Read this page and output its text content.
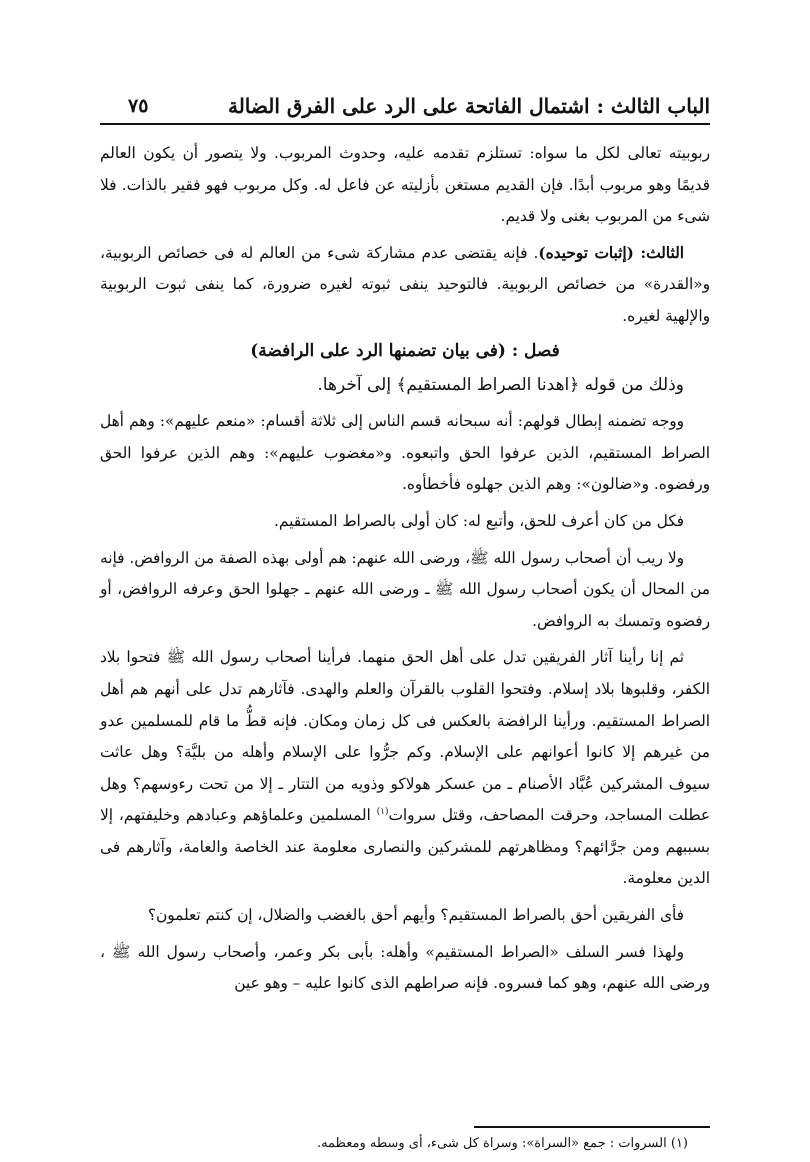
الباب الثالث : اشتمال الفاتحة على الرد على الفرق الضالة
٧٥

ربوبيته تعالى لكل ما سواه: تستلزم تقدمه عليه، وحدوث المربوب. ولا يتصور أن يكون العالم قديمًا وهو مربوب أبدًا. فإن القديم مستغن بأزليته عن فاعل له. وكل مربوب فهو فقير بالذات. فلا شىء من المربوب بغنى ولا قديم.

الثالث: (إثبات توحيده). فإنه يقتضى عدم مشاركة شىء من العالم له فى خصائص الربوبية، و«القدرة» من خصائص الربوبية. فالتوحيد ينفى ثبوته لغيره ضرورة، كما ينفى ثبوت الربوبية والإلهية لغيره.

فصل : (فى بيان تضمنها الرد على الرافضة)

وذلك من قوله ﴿اهدنا الصراط المستقيم﴾ إلى آخرها.

ووجه تضمنه إبطال قولهم: أنه سبحانه قسم الناس إلى ثلاثة أقسام: «منعم عليهم»: وهم أهل الصراط المستقيم، الذين عرفوا الحق واتبعوه. و«مغضوب عليهم»: وهم الذين عرفوا الحق ورفضوه. و«ضالون»: وهم الذين جهلوه فأخطأوه.

فكل من كان أعرف للحق، وأتبع له: كان أولى بالصراط المستقيم.

ولا ريب أن أصحاب رسول الله ﷺ، ورضى الله عنهم: هم أولى بهذه الصفة من الروافض. فإنه من المحال أن يكون أصحاب رسول الله ﷺ ـ ورضى الله عنهم ـ جهلوا الحق وعرفه الروافض، أو رفضوه وتمسك به الروافض.

ثم إنا رأينا آثار الفريقين تدل على أهل الحق منهما. فرأينا أصحاب رسول الله ﷺ فتحوا بلاد الكفر، وقلبوها بلاد إسلام. وفتحوا القلوب بالقرآن والعلم والهدى. فآثارهم تدل على أنهم هم أهل الصراط المستقيم. ورأينا الرافضة بالعكس فى كل زمان ومكان. فإنه قطُّ ما قام للمسلمين عدو من غيرهم إلا كانوا أعوانهم على الإسلام. وكم جرُّوا على الإسلام وأهله من بليَّة؟ وهل عاثت سيوف المشركين عُبَّاد الأصنام ـ من عسكر هولاكو وذويه من التتار ـ إلا من تحت رءوسهم؟ وهل عطلت المساجد، وحرقت المصاحف، وقتل سروات$^{(١)}$ المسلمين وعلماؤهم وعبادهم وخليفتهم، إلا بسببهم ومن جرَّائهم؟ ومظاهرتهم للمشركين والنصارى معلومة عند الخاصة والعامة، وآثارهم فى الدين معلومة.

فأى الفريقين أحق بالصراط المستقيم؟ وأيهم أحق بالغضب والضلال، إن كنتم تعلمون؟

ولهذا فسر السلف «الصراط المستقيم» وأهله: بأبى بكر وعمر، وأصحاب رسول الله ﷺ ، ورضى الله عنهم، وهو كما فسروه. فإنه صراطهم الذى كانوا عليه – وهو عين

(١) السروات : جمع «السراة»: وسراة كل شىء، أى وسطه ومعظمه.
